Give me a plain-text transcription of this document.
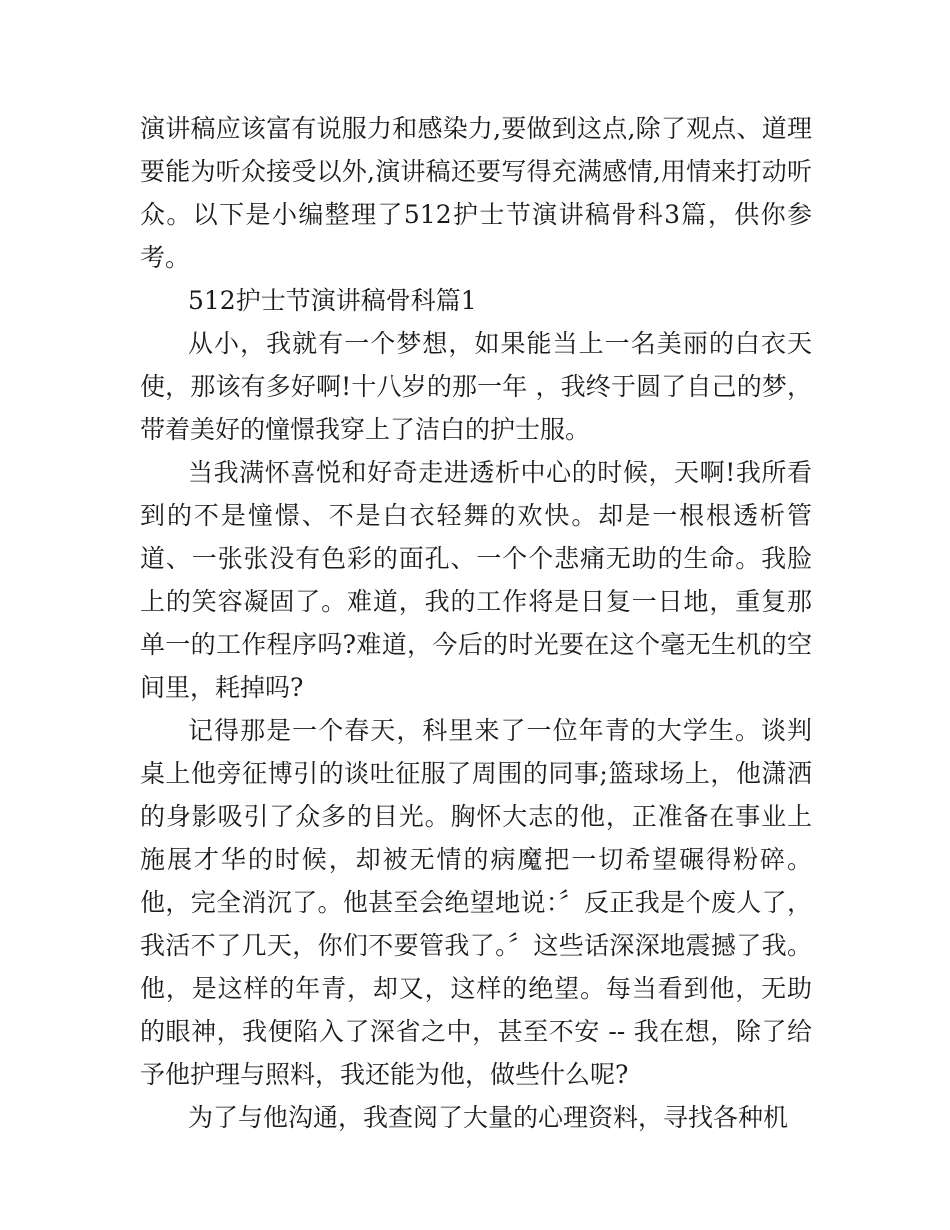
演讲稿应该富有说服力和感染力,要做到这点,除了观点、道理要能为听众接受以外,演讲稿还要写得充满感情,用情来打动听众。以下是小编整理了512护士节演讲稿骨科3篇，供你参考。

512护士节演讲稿骨科篇1

从小，我就有一个梦想，如果能当上一名美丽的白衣天使，那该有多好啊!十八岁的那一年 ，我终于圆了自己的梦，带着美好的憧憬我穿上了洁白的护士服。

当我满怀喜悦和好奇走进透析中心的时候，天啊!我所看到的不是憧憬、不是白衣轻舞的欢快。却是一根根透析管道、一张张没有色彩的面孔、一个个悲痛无助的生命。我脸上的笑容凝固了。难道，我的工作将是日复一日地，重复那单一的工作程序吗?难道，今后的时光要在这个毫无生机的空间里，耗掉吗?

记得那是一个春天，科里来了一位年青的大学生。谈判桌上他旁征博引的谈吐征服了周围的同事;篮球场上，他潇洒的身影吸引了众多的目光。胸怀大志的他，正准备在事业上施展才华的时候，却被无情的病魔把一切希望碾得粉碎。他，完全消沉了。他甚至会绝望地说：〞反正我是个废人了，我活不了几天，你们不要管我了。〞这些话深深地震撼了我。他，是这样的年青，却又，这样的绝望。每当看到他，无助的眼神，我便陷入了深省之中，甚至不安 -- 我在想，除了给予他护理与照料，我还能为他，做些什么呢?

为了与他沟通，我查阅了大量的心理资料，寻找各种机
